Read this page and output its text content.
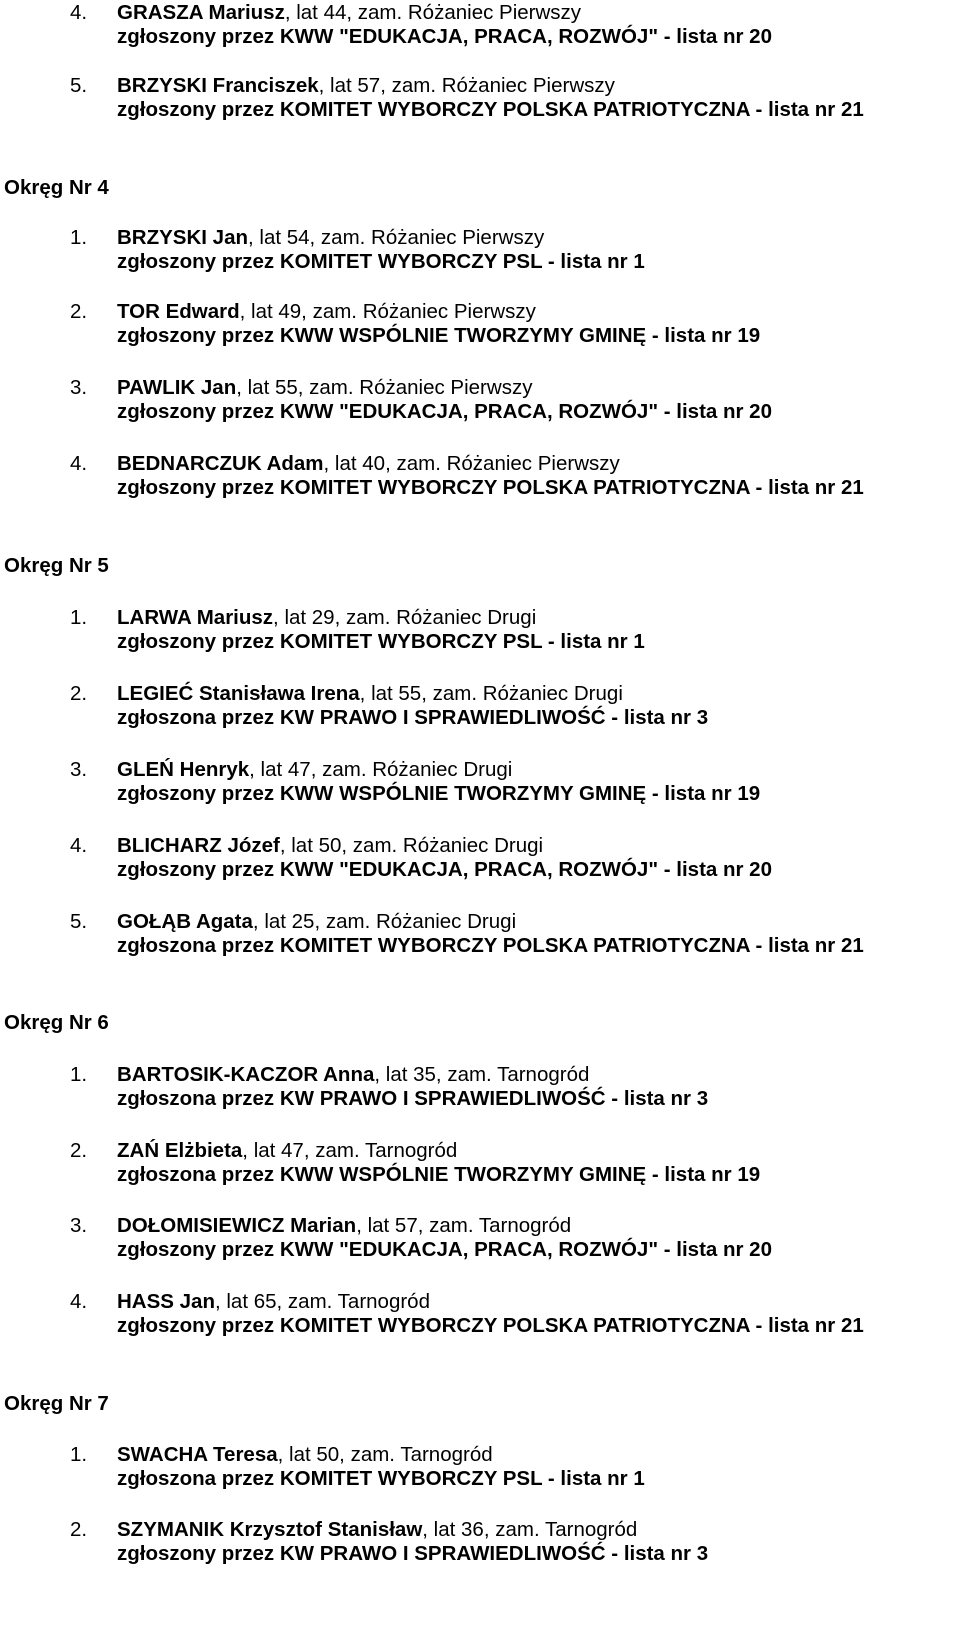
4. GRASZA Mariusz, lat 44, zam. Różaniec Pierwszy
zgłoszony przez KWW "EDUKACJA, PRACA, ROZWÓJ" - lista nr 20
5. BRZYSKI Franciszek, lat 57, zam. Różaniec Pierwszy
zgłoszony przez KOMITET WYBORCZY POLSKA PATRIOTYCZNA - lista nr 21
Okręg Nr 4
1. BRZYSKI Jan, lat 54, zam. Różaniec Pierwszy
zgłoszony przez KOMITET WYBORCZY PSL - lista nr 1
2. TOR Edward, lat 49, zam. Różaniec Pierwszy
zgłoszony przez KWW WSPÓLNIE TWORZYMY GMINĘ - lista nr 19
3. PAWLIK Jan, lat 55, zam. Różaniec Pierwszy
zgłoszony przez KWW "EDUKACJA, PRACA, ROZWÓJ" - lista nr 20
4. BEDNARCZUK Adam, lat 40, zam. Różaniec Pierwszy
zgłoszony przez KOMITET WYBORCZY POLSKA PATRIOTYCZNA - lista nr 21
Okręg Nr 5
1. LARWA Mariusz, lat 29, zam. Różaniec Drugi
zgłoszony przez KOMITET WYBORCZY PSL - lista nr 1
2. LEGIEĆ Stanisława Irena, lat 55, zam. Różaniec Drugi
zgłoszona przez KW PRAWO I SPRAWIEDLIWOŚĆ - lista nr 3
3. GLEŃ Henryk, lat 47, zam. Różaniec Drugi
zgłoszony przez KWW WSPÓLNIE TWORZYMY GMINĘ - lista nr 19
4. BLICHARZ Józef, lat 50, zam. Różaniec Drugi
zgłoszony przez KWW "EDUKACJA, PRACA, ROZWÓJ" - lista nr 20
5. GOŁĄB Agata, lat 25, zam. Różaniec Drugi
zgłoszona przez KOMITET WYBORCZY POLSKA PATRIOTYCZNA - lista nr 21
Okręg Nr 6
1. BARTOSIK-KACZOR Anna, lat 35, zam. Tarnogród
zgłoszona przez KW PRAWO I SPRAWIEDLIWOŚĆ - lista nr 3
2. ZAŃ Elżbieta, lat 47, zam. Tarnogród
zgłoszona przez KWW WSPÓLNIE TWORZYMY GMINĘ - lista nr 19
3. DOŁOMISIEWICZ Marian, lat 57, zam. Tarnogród
zgłoszony przez KWW "EDUKACJA, PRACA, ROZWÓJ" - lista nr 20
4. HASS Jan, lat 65, zam. Tarnogród
zgłoszony przez KOMITET WYBORCZY POLSKA PATRIOTYCZNA - lista nr 21
Okręg Nr 7
1. SWACHA Teresa, lat 50, zam. Tarnogród
zgłoszona przez KOMITET WYBORCZY PSL - lista nr 1
2. SZYMANIK Krzysztof Stanisław, lat 36, zam. Tarnogród
zgłoszony przez KW PRAWO I SPRAWIEDLIWOŚĆ - lista nr 3
